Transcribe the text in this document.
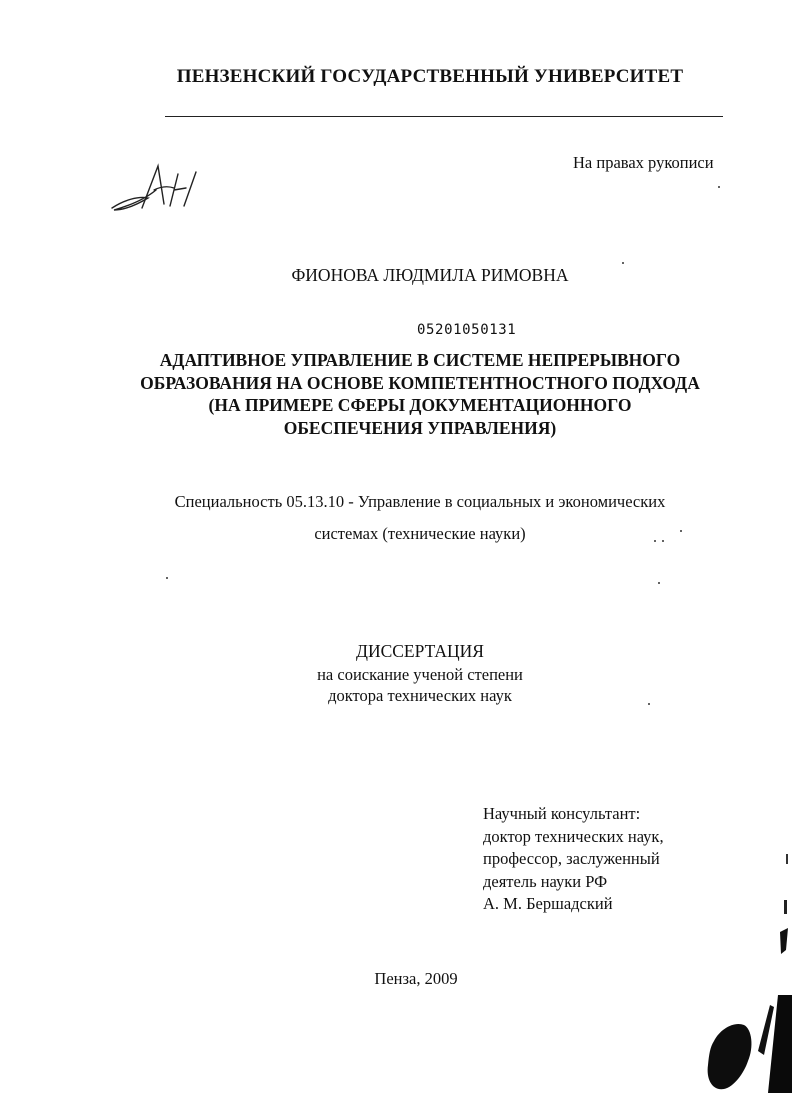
ПЕНЗЕНСКИЙ ГОСУДАРСТВЕННЫЙ УНИВЕРСИТЕТ
На правах рукописи
ФИОНОВА ЛЮДМИЛА РИМОВНА
05201050131
АДАПТИВНОЕ УПРАВЛЕНИЕ В СИСТЕМЕ НЕПРЕРЫВНОГО
ОБРАЗОВАНИЯ НА ОСНОВЕ КОМПЕТЕНТНОСТНОГО ПОДХОДА
(НА ПРИМЕРЕ СФЕРЫ ДОКУМЕНТАЦИОННОГО
ОБЕСПЕЧЕНИЯ УПРАВЛЕНИЯ)
Специальность 05.13.10 - Управление в социальных и экономических
системах (технические науки)
ДИССЕРТАЦИЯ
на соискание ученой степени
доктора технических наук
Научный консультант:
доктор технических наук,
профессор, заслуженный
деятель науки РФ
А. М. Бершадский
Пенза, 2009
